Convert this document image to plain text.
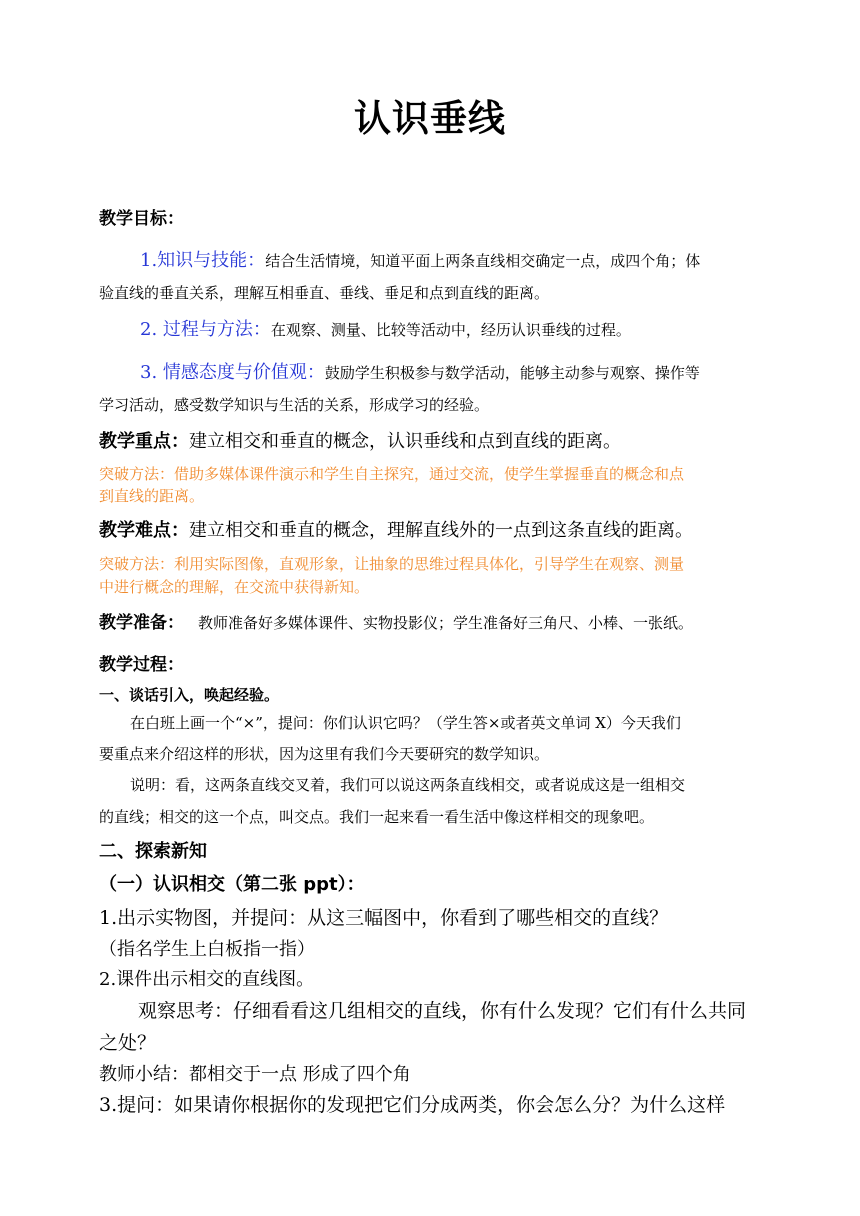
认识垂线
教学目标：
1.知识与技能：结合生活情境，知道平面上两条直线相交确定一点，成四个角；体
验直线的垂直关系，理解互相垂直、垂线、垂足和点到直线的距离。
2. 过程与方法：在观察、测量、比较等活动中，经历认识垂线的过程。
3. 情感态度与价值观：鼓励学生积极参与数学活动，能够主动参与观察、操作等
学习活动，感受数学知识与生活的关系，形成学习的经验。
教学重点：建立相交和垂直的概念，认识垂线和点到直线的距离。
突破方法：借助多媒体课件演示和学生自主探究，通过交流，使学生掌握垂直的概念和点
到直线的距离。
教学难点：建立相交和垂直的概念，理解直线外的一点到这条直线的距离。
突破方法：利用实际图像，直观形象，让抽象的思维过程具体化，引导学生在观察、测量
中进行概念的理解，在交流中获得新知。
教学准备： 教师准备好多媒体课件、实物投影仪；学生准备好三角尺、小棒、一张纸。
教学过程：
一、谈话引入，唤起经验。
在白班上画一个“×”，提问：你们认识它吗？（学生答×或者英文单词 X）今天我们
要重点来介绍这样的形状，因为这里有我们今天要研究的数学知识。
说明：看，这两条直线交叉着，我们可以说这两条直线相交，或者说成这是一组相交
的直线；相交的这一个点，叫交点。我们一起来看一看生活中像这样相交的现象吧。
二、探索新知
（一）认识相交（第二张 ppt）：
1.出示实物图，并提问：从这三幅图中，你看到了哪些相交的直线？
（指名学生上白板指一指）
2.课件出示相交的直线图。
观察思考：仔细看看这几组相交的直线，你有什么发现？它们有什么共同
之处？
教师小结：都相交于一点 形成了四个角
3.提问：如果请你根据你的发现把它们分成两类，你会怎么分？为什么这样
